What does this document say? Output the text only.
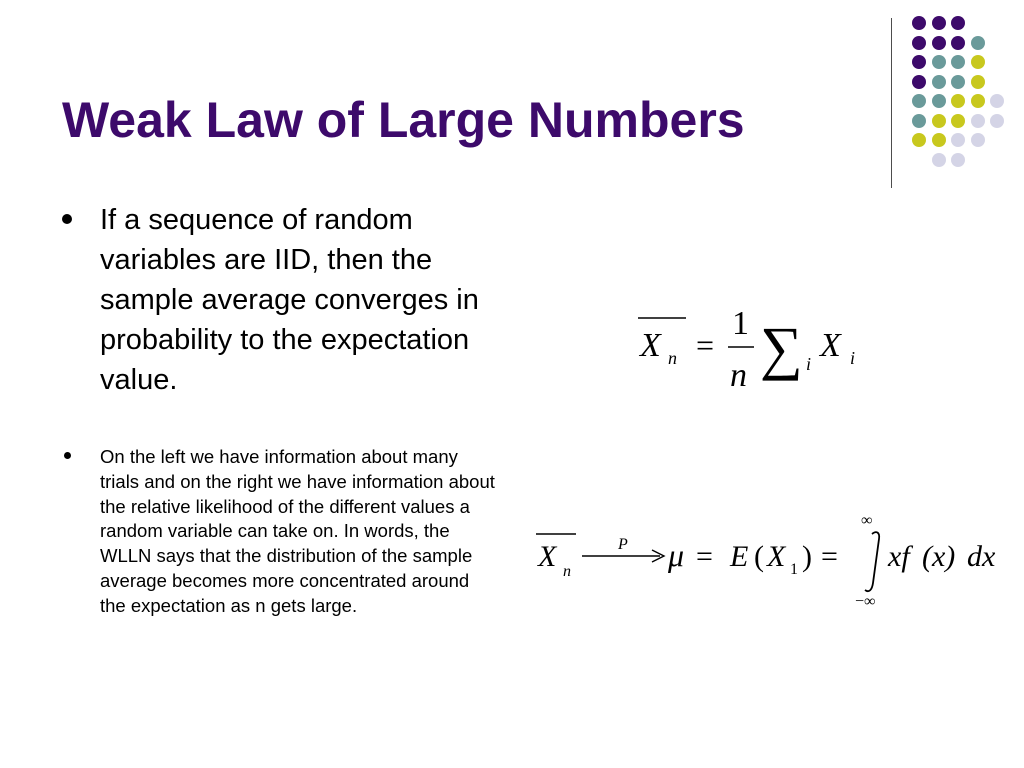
Weak Law of Large Numbers
If a sequence of random variables are IID, then the sample average converges in probability to the expectation value.
On the left we have information about many trials and on the right we have information about the relative likelihood of the different values a random variable can take on. In words, the WLLN says that the distribution of the sample average becomes more concentrated around the expectation as n gets large.
X n =
1
n ∑ i X i
X n
P μ = E ( X 1 ) =
∞
−∞
xf (x) dx
